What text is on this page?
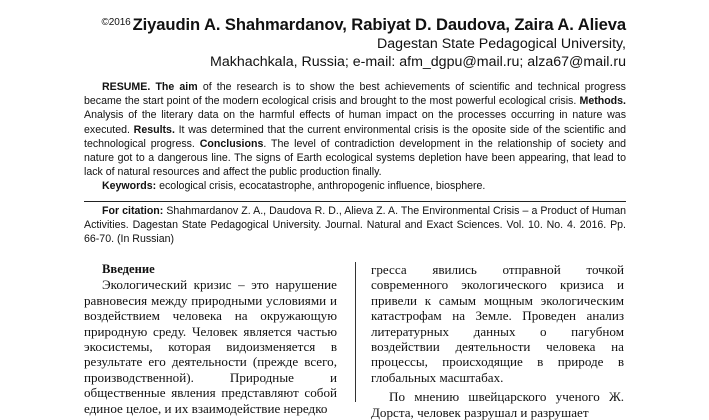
$^{©2016}$ Ziyaudin A. Shahmardanov, Rabiyat D. Daudova, Zaira A. Alieva
Dagestan State Pedagogical University,
Makhachkala, Russia; e-mail: afm_dgpu@mail.ru; alza67@mail.ru

RESUME. The aim of the research is to show the best achievements of scientific and technical progress became the start point of the modern ecological crisis and brought to the most powerful ecological crisis. Methods. Analysis of the literary data on the harmful effects of human impact on the processes occurring in nature was executed. Results. It was determined that the current environmental crisis is the oposite side of the scientific and technological progress. Conclusions. The level of contradiction development in the relationship of society and nature got to a dangerous line. The signs of Earth ecological systems depletion have been appearing, that lead to lack of natural resources and affect the public production finally.

Keywords: ecological crisis, ecocatastrophe, anthropogenic influence, biosphere.

For citation: Shahmardanov Z. A., Daudova R. D., Alieva Z. A. The Environmental Crisis – a Product of Human Activities. Dagestan State Pedagogical University. Journal. Natural and Exact Sciences. Vol. 10. No. 4. 2016. Pp. 66-70. (In Russian)

Введение

Экологический кризис – это нарушение равновесия между природными условиями и воздействием человека на окружающую природную среду. Человек является частью экосистемы, которая видоизменяется в результате его деятельности (прежде всего, производственной). Природные и общественные явления представляют собой единое целое, и их взаимодействие нередко

гресса явились отправной точкой современного экологического кризиса и привели к самым мощным экологическим катастрофам на Земле. Проведен анализ литературных данных о пагубном воздействии деятельности человека на процессы, происходящие в природе в глобальных масштабах.

По мнению швейцарского ученого Ж. Дорста, человек разрушал и разрушает
